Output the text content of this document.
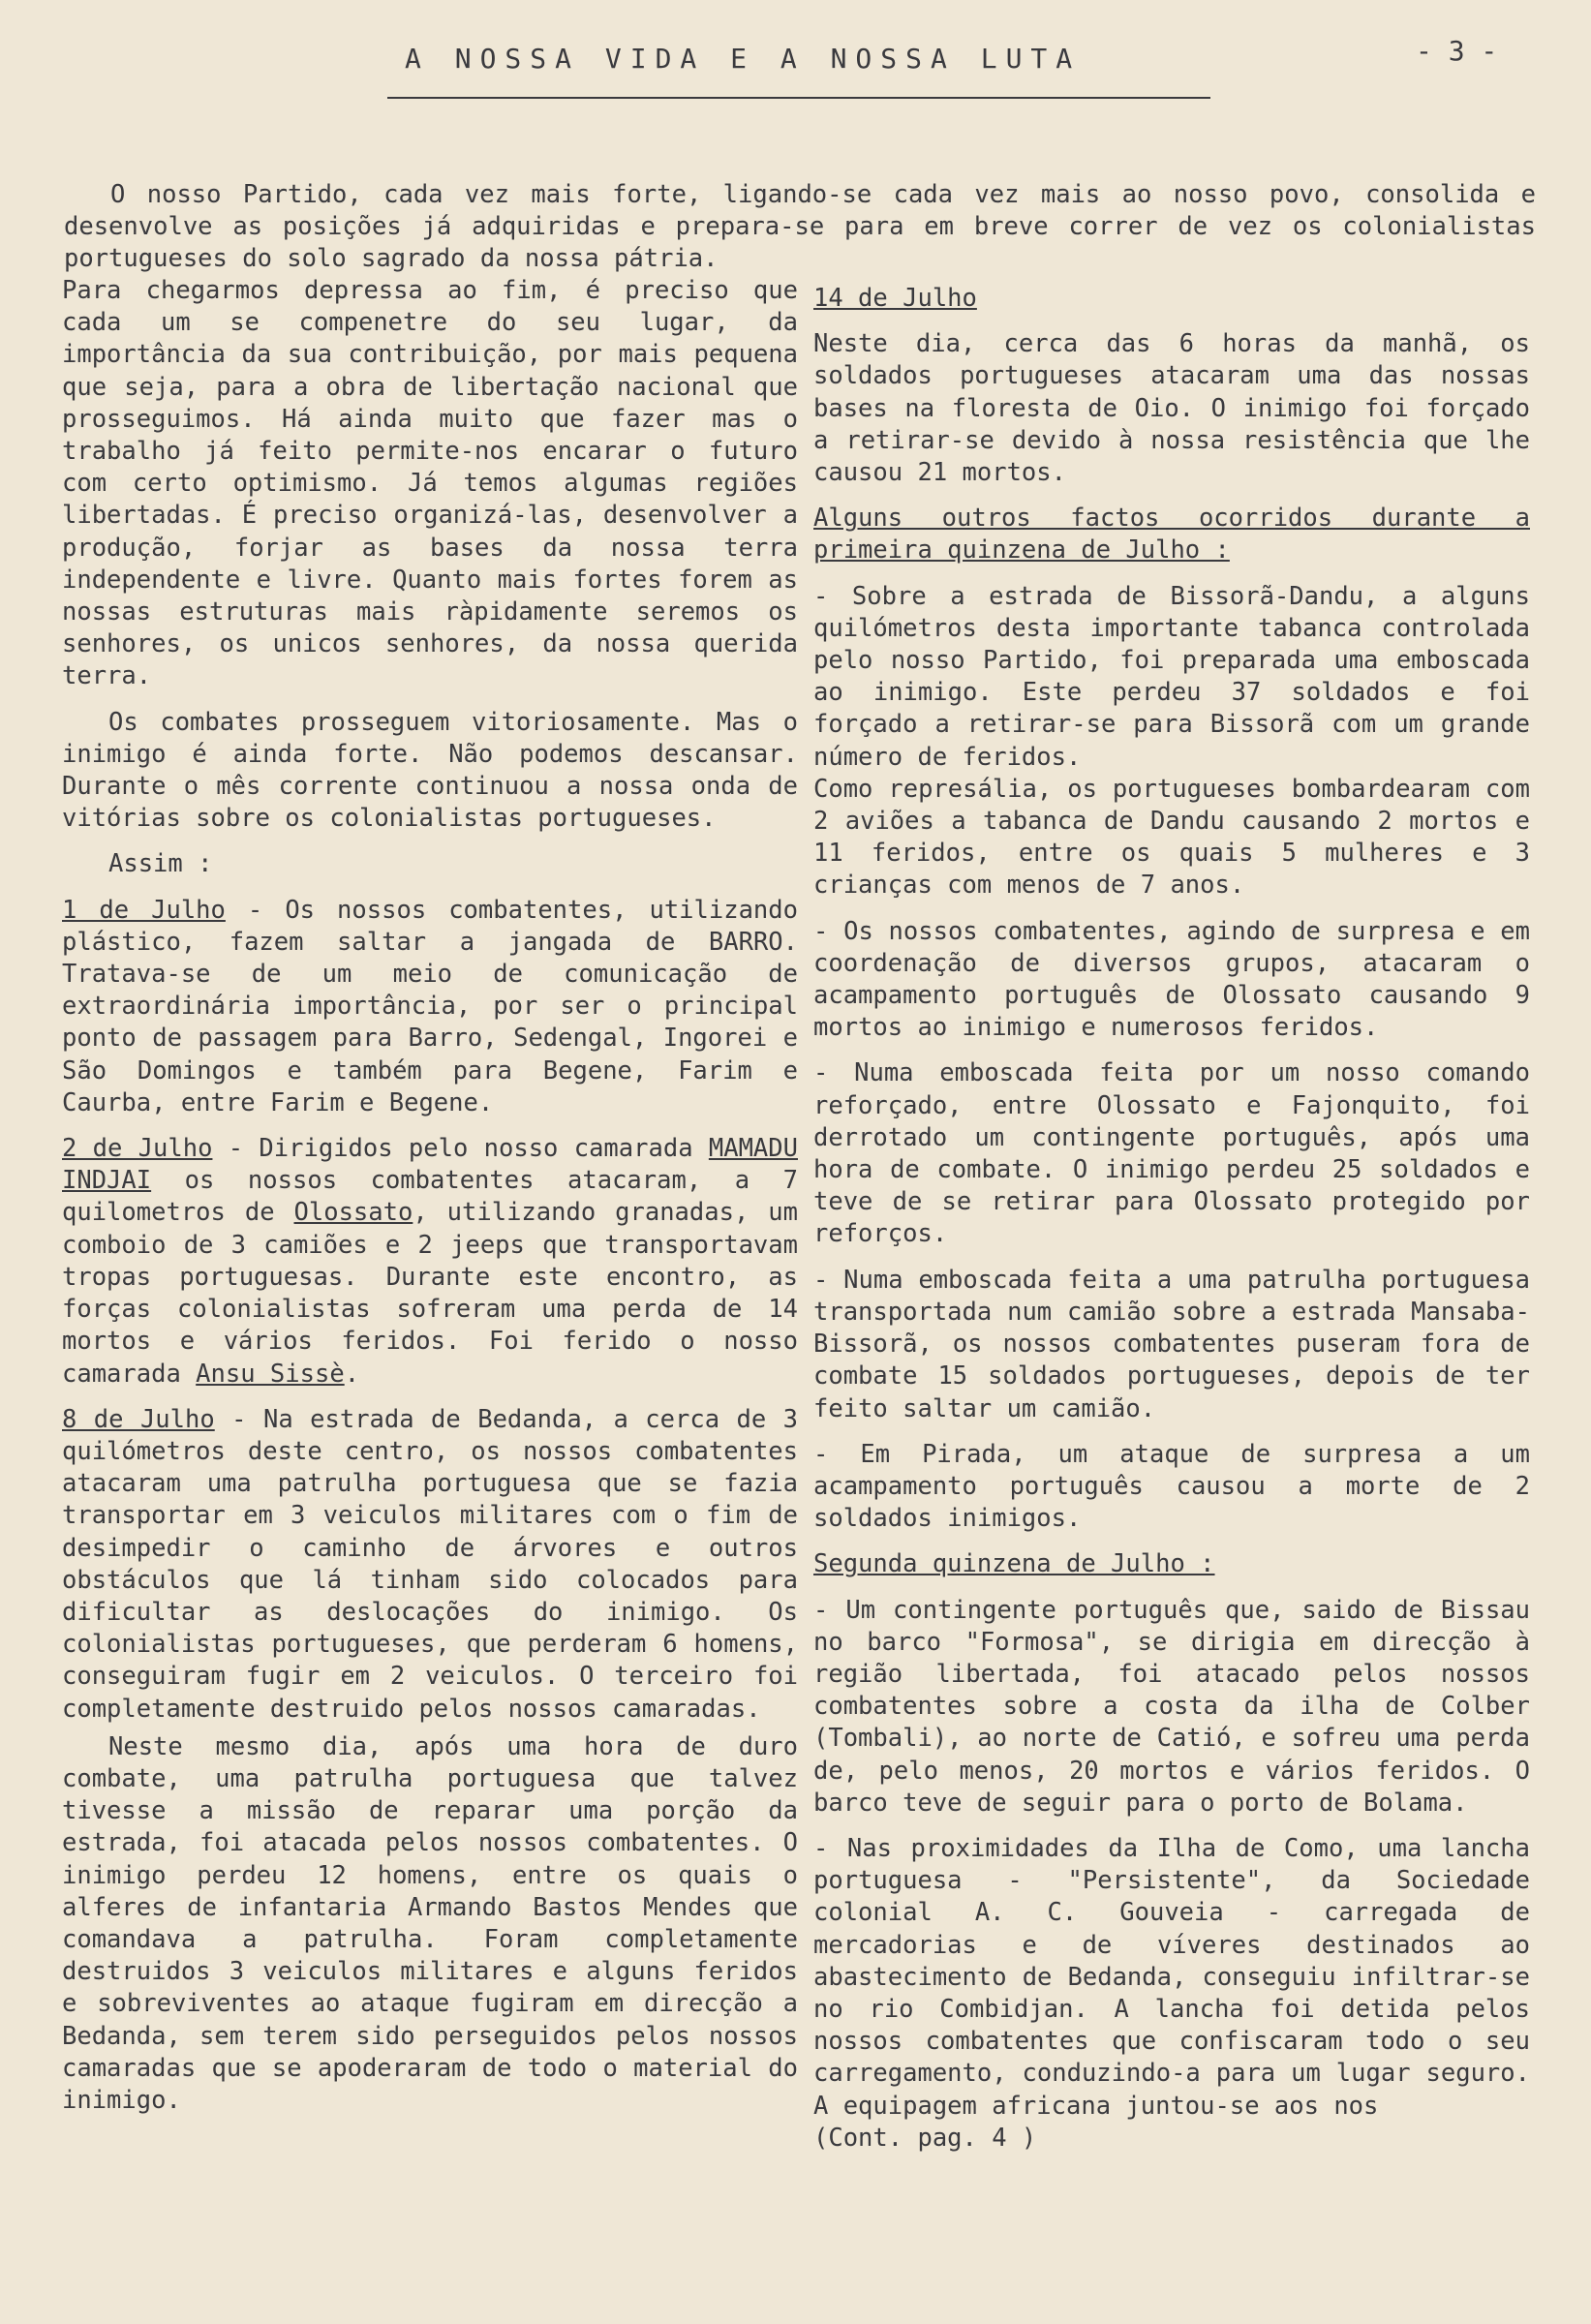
A NOSSA VIDA E A NOSSA LUTA	- 3 -

O nosso Partido, cada vez mais forte, ligando-se cada vez mais ao nosso povo, consolida e desenvolve as posições já adquiridas e prepara-se para em breve correr de vez os colonialistas portugueses do solo sagrado da nossa pátria.

Para chegarmos depressa ao fim, é preciso que cada um se compenetre do seu lugar, da importância da sua contribuição, por mais pequena que seja, para a obra de libertação nacional que prosseguimos. Há ainda muito que fazer mas o trabalho já feito permite-nos encarar o futuro com certo optimismo. Já temos algumas regiões libertadas. É preciso organizá-las, desenvolver a produção, forjar as bases da nossa terra independente e livre. Quanto mais fortes forem as nossas estruturas mais ràpidamente seremos os senhores, os unicos senhores, da nossa querida terra.

Os combates prosseguem vitoriosamente. Mas o inimigo é ainda forte. Não podemos descansar. Durante o mês corrente continuou a nossa onda de vitórias sobre os colonialistas portugueses.

Assim :

1 de Julho - Os nossos combatentes, utilizando plástico, fazem saltar a jangada de BARRO. Tratava-se de um meio de comunicação de extraordinária importância, por ser o principal ponto de passagem para Barro, Sedengal, Ingorei e São Domingos e também para Begene, Farim e Caurba, entre Farim e Begene.

2 de Julho - Dirigidos pelo nosso camarada MAMADU INDJAI os nossos combatentes atacaram, a 7 quilometros de Olossato, utilizando granadas, um comboio de 3 camiões e 2 jeeps que transportavam tropas portuguesas. Durante este encontro, as forças colonialistas sofreram uma perda de 14 mortos e vários feridos. Foi ferido o nosso camarada Ansu Sissè.

8 de Julho - Na estrada de Bedanda, a cerca de 3 quilómetros deste centro, os nossos combatentes atacaram uma patrulha portuguesa que se fazia transportar em 3 veiculos militares com o fim de desimpedir o caminho de árvores e outros obstáculos que lá tinham sido colocados para dificultar as deslocações do inimigo. Os colonialistas portugueses, que perderam 6 homens, conseguiram fugir em 2 veiculos. O terceiro foi completamente destruido pelos nossos camaradas.

Neste mesmo dia, após uma hora de duro combate, uma patrulha portuguesa que talvez tivesse a missão de reparar uma porção da estrada, foi atacada pelos nossos combatentes. O inimigo perdeu 12 homens, entre os quais o alferes de infantaria Armando Bastos Mendes que comandava a patrulha. Foram completamente destruidos 3 veiculos militares e alguns feridos e sobreviventes ao ataque fugiram em direcção a Bedanda, sem terem sido perseguidos pelos nossos camaradas que se apoderaram de todo o material do inimigo.

14 de Julho

Neste dia, cerca das 6 horas da manhã, os soldados portugueses atacaram uma das nossas bases na floresta de Oio. O inimigo foi forçado a retirar-se devido à nossa resistência que lhe causou 21 mortos.

Alguns outros factos ocorridos durante a primeira quinzena de Julho :

- Sobre a estrada de Bissorã-Dandu, a alguns quilómetros desta importante tabanca controlada pelo nosso Partido, foi preparada uma emboscada ao inimigo. Este perdeu 37 soldados e foi forçado a retirar-se para Bissorã com um grande número de feridos.

Como represália, os portugueses bombardearam com 2 aviões a tabanca de Dandu causando 2 mortos e 11 feridos, entre os quais 5 mulheres e 3 crianças com menos de 7 anos.

- Os nossos combatentes, agindo de surpresa e em coordenação de diversos grupos, atacaram o acampamento português de Olossato causando 9 mortos ao inimigo e numerosos feridos.

- Numa emboscada feita por um nosso comando reforçado, entre Olossato e Fajonquito, foi derrotado um contingente português, após uma hora de combate. O inimigo perdeu 25 soldados e teve de se retirar para Olossato protegido por reforços.

- Numa emboscada feita a uma patrulha portuguesa transportada num camião sobre a estrada Mansaba-Bissorã, os nossos combatentes puseram fora de combate 15 soldados portugueses, depois de ter feito saltar um camião.

- Em Pirada, um ataque de surpresa a um acampamento português causou a morte de 2 soldados inimigos.

Segunda quinzena de Julho :

- Um contingente português que, saido de Bissau no barco "Formosa", se dirigia em direcção à região libertada, foi atacado pelos nossos combatentes sobre a costa da ilha de Colber (Tombali), ao norte de Catió, e sofreu uma perda de, pelo menos, 20 mortos e vários feridos. O barco teve de seguir para o porto de Bolama.

- Nas proximidades da Ilha de Como, uma lancha portuguesa - "Persistente", da Sociedade colonial A. C. Gouveia - carregada de mercadorias e de víveres destinados ao abastecimento de Bedanda, conseguiu infiltrar-se no rio Combidjan. A lancha foi detida pelos nossos combatentes que confiscaram todo o seu carregamento, conduzindo-a para um lugar seguro. A equipagem africana juntou-se aos nos

(Cont. pag. 4 )
